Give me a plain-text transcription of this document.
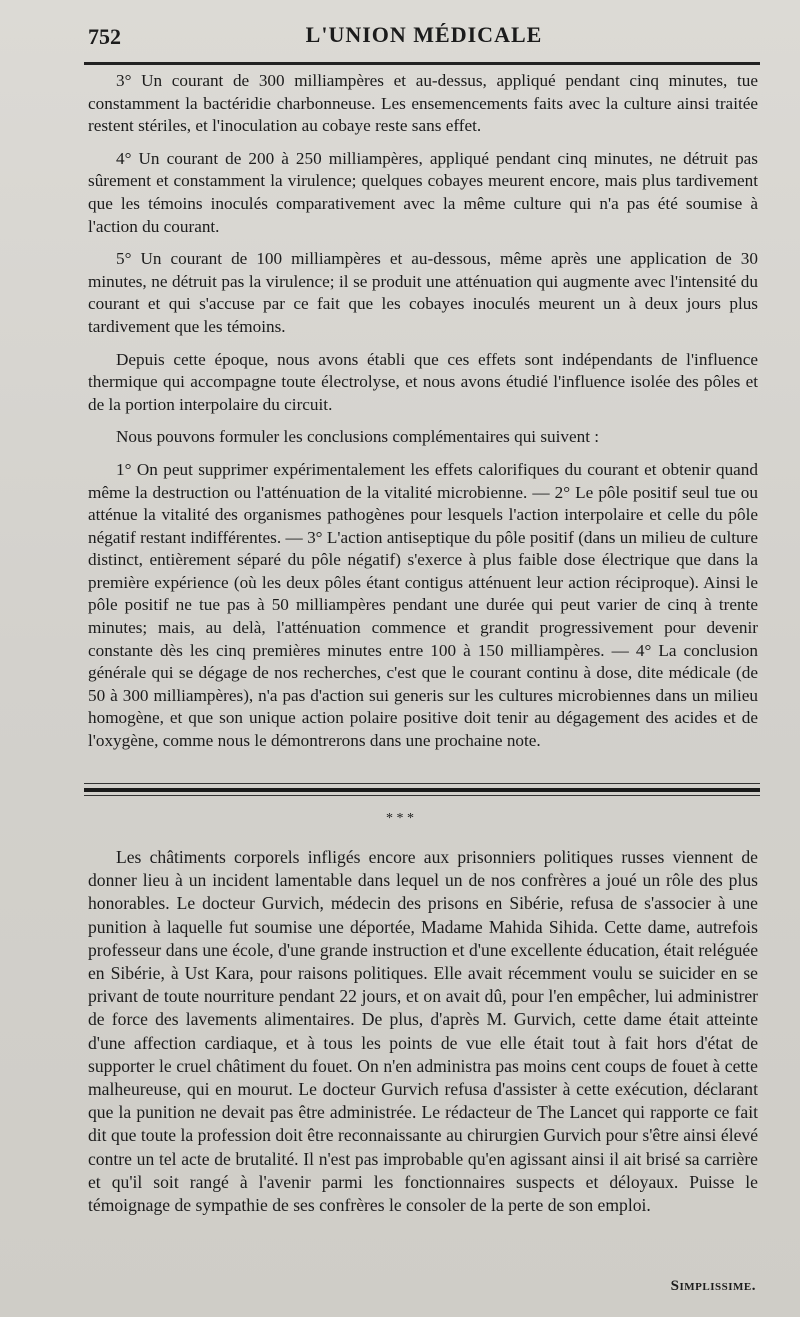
752	L'UNION MÉDICALE

3° Un courant de 300 milliampères et au-dessus, appliqué pendant cinq minutes, tue constamment la bactéridie charbonneuse. Les ensemencements faits avec la culture ainsi traitée restent stériles, et l'inoculation au cobaye reste sans effet.

4° Un courant de 200 à 250 milliampères, appliqué pendant cinq minutes, ne détruit pas sûrement et constamment la virulence; quelques cobayes meurent encore, mais plus tardivement que les témoins inoculés comparativement avec la même culture qui n'a pas été soumise à l'action du courant.

5° Un courant de 100 milliampères et au-dessous, même après une application de 30 minutes, ne détruit pas la virulence; il se produit une atténuation qui augmente avec l'intensité du courant et qui s'accuse par ce fait que les cobayes inoculés meurent un à deux jours plus tardivement que les témoins.

Depuis cette époque, nous avons établi que ces effets sont indépendants de l'influence thermique qui accompagne toute électrolyse, et nous avons étudié l'influence isolée des pôles et de la portion interpolaire du circuit.

Nous pouvons formuler les conclusions complémentaires qui suivent :

1° On peut supprimer expérimentalement les effets calorifiques du courant et obtenir quand même la destruction ou l'atténuation de la vitalité microbienne. — 2° Le pôle positif seul tue ou atténue la vitalité des organismes pathogènes pour lesquels l'action interpolaire et celle du pôle négatif restant indifférentes. — 3° L'action antiseptique du pôle positif (dans un milieu de culture distinct, entièrement séparé du pôle négatif) s'exerce à plus faible dose électrique que dans la première expérience (où les deux pôles étant contigus atténuent leur action réciproque). Ainsi le pôle positif ne tue pas à 50 milliampères pendant une durée qui peut varier de cinq à trente minutes; mais, au delà, l'atténuation commence et grandit progressivement pour devenir constante dès les cinq premières minutes entre 100 à 150 milliampères. — 4° La conclusion générale qui se dégage de nos recherches, c'est que le courant continu à dose, dite médicale (de 50 à 300 milliampères), n'a pas d'action sui generis sur les cultures microbiennes dans un milieu homogène, et que son unique action polaire positive doit tenir au dégagement des acides et de l'oxygène, comme nous le démontrerons dans une prochaine note.

* * *

Les châtiments corporels infligés encore aux prisonniers politiques russes viennent de donner lieu à un incident lamentable dans lequel un de nos confrères a joué un rôle des plus honorables. Le docteur Gurvich, médecin des prisons en Sibérie, refusa de s'associer à une punition à laquelle fut soumise une déportée, Madame Mahida Sihida. Cette dame, autrefois professeur dans une école, d'une grande instruction et d'une excellente éducation, était reléguée en Sibérie, à Ust Kara, pour raisons politiques. Elle avait récemment voulu se suicider en se privant de toute nourriture pendant 22 jours, et on avait dû, pour l'en empêcher, lui administrer de force des lavements alimentaires. De plus, d'après M. Gurvich, cette dame était atteinte d'une affection cardiaque, et à tous les points de vue elle était tout à fait hors d'état de supporter le cruel châtiment du fouet. On n'en administra pas moins cent coups de fouet à cette malheureuse, qui en mourut. Le docteur Gurvich refusa d'assister à cette exécution, déclarant que la punition ne devait pas être administrée. Le rédacteur de The Lancet qui rapporte ce fait dit que toute la profession doit être reconnaissante au chirurgien Gurvich pour s'être ainsi élevé contre un tel acte de brutalité. Il n'est pas improbable qu'en agissant ainsi il ait brisé sa carrière et qu'il soit rangé à l'avenir parmi les fonctionnaires suspects et déloyaux. Puisse le témoignage de sympathie de ses confrères le consoler de la perte de son emploi.

Simplissime.
